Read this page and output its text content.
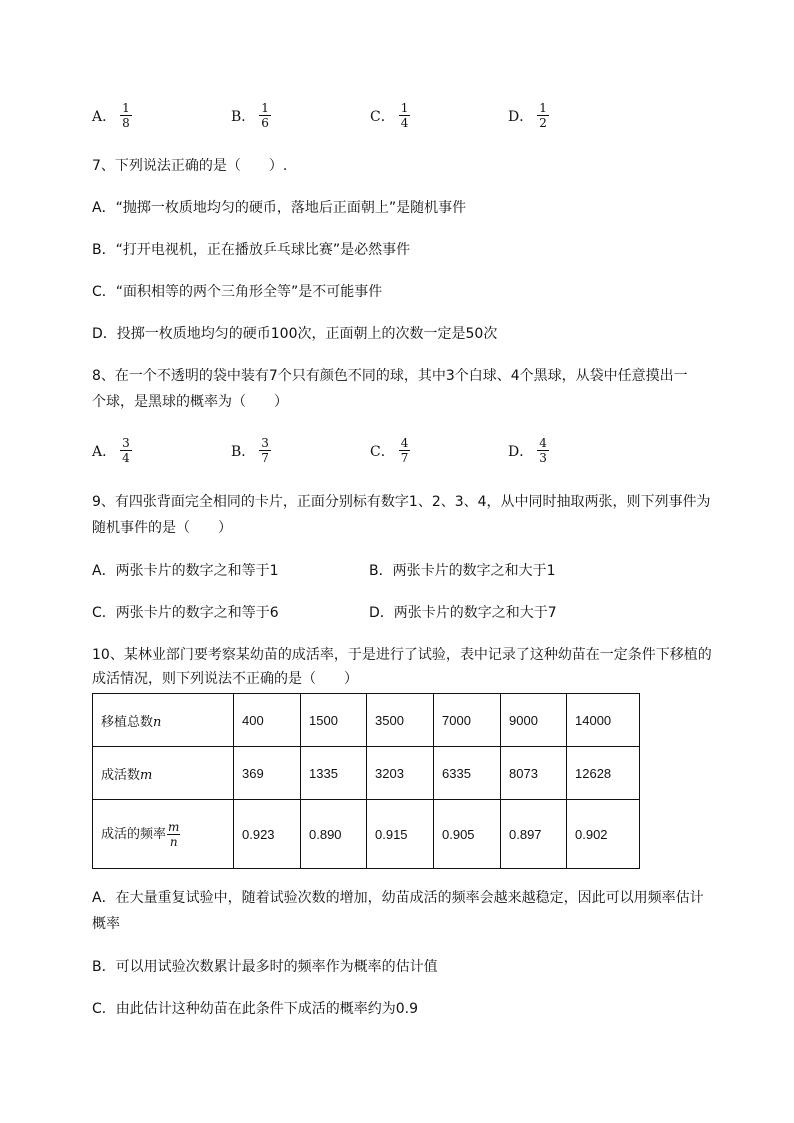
A． $\frac{1}{8}$	B． $\frac{1}{6}$	C． $\frac{1}{4}$	D． $\frac{1}{2}$
7、下列说法正确的是（　　）.
A．“抛掷一枚质地均匀的硬币，落地后正面朝上”是随机事件
B．“打开电视机，正在播放乒乓球比赛”是必然事件
C．“面积相等的两个三角形全等”是不可能事件
D．投掷一枚质地均匀的硬币100次，正面朝上的次数一定是50次
8、在一个不透明的袋中装有7个只有颜色不同的球，其中3个白球、4个黑球，从袋中任意摸出一
个球，是黑球的概率为（　　）
A． $\frac{3}{4}$	B． $\frac{3}{7}$	C． $\frac{4}{7}$	D． $\frac{4}{3}$
9、有四张背面完全相同的卡片，正面分别标有数字1、2、3、4，从中同时抽取两张，则下列事件为
随机事件的是（　　）
A．两张卡片的数字之和等于1	B．两张卡片的数字之和大于1
C．两张卡片的数字之和等于6	D．两张卡片的数字之和大于7
10、某林业部门要考察某幼苗的成活率，于是进行了试验，表中记录了这种幼苗在一定条件下移植的
成活情况，则下列说法不正确的是（　　）
移植总数n	400	1500	3500	7000	9000	14000
成活数m	369	1335	3203	6335	8073	12628
成活的频率 $\frac{m}{n}$	0.923	0.890	0.915	0.905	0.897	0.902
A．在大量重复试验中，随着试验次数的增加，幼苗成活的频率会越来越稳定，因此可以用频率估计
概率
B．可以用试验次数累计最多时的频率作为概率的估计值
C．由此估计这种幼苗在此条件下成活的概率约为0.9
